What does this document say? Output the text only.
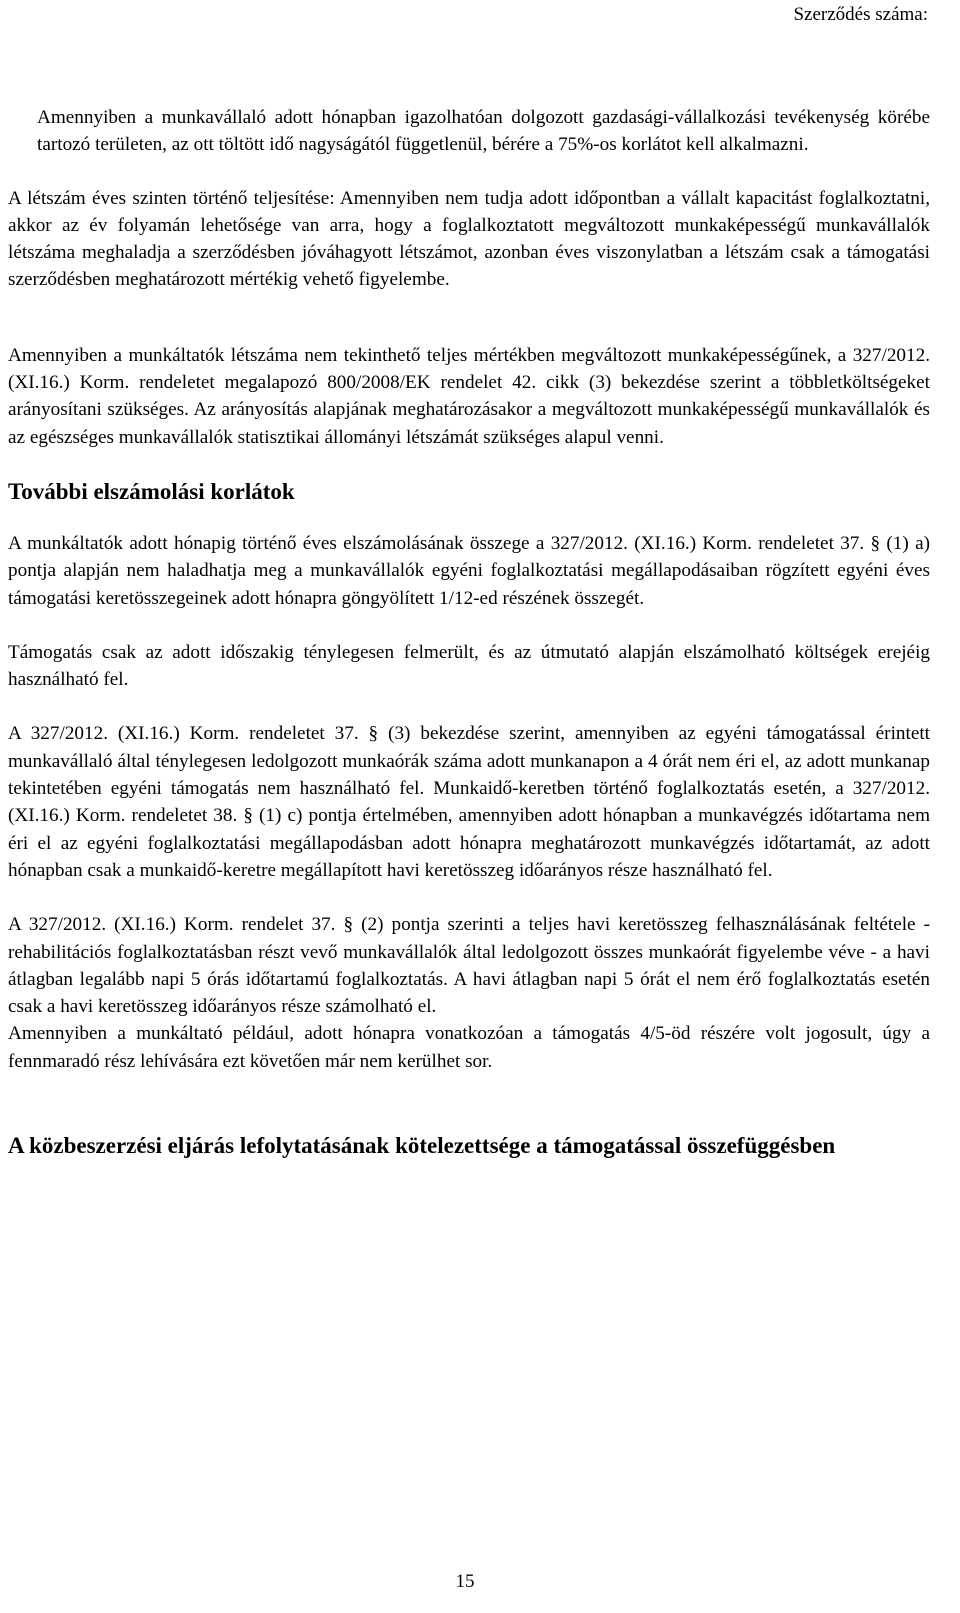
Szerződés száma:

Amennyiben a munkavállaló adott hónapban igazolhatóan dolgozott gazdasági-vállalkozási tevékenység körébe tartozó területen, az ott töltött idő nagyságától függetlenül, bérére a 75%-os korlátot kell alkalmazni.

A létszám éves szinten történő teljesítése: Amennyiben nem tudja adott időpontban a vállalt kapacitást foglalkoztatni, akkor az év folyamán lehetősége van arra, hogy a foglalkoztatott megváltozott munkaképességű munkavállalók létszáma meghaladja a szerződésben jóváhagyott létszámot, azonban éves viszonylatban a létszám csak a támogatási szerződésben meghatározott mértékig vehető figyelembe.

Amennyiben a munkáltatók létszáma nem tekinthető teljes mértékben megváltozott munkaképességűnek, a 327/2012. (XI.16.) Korm. rendeletet megalapozó 800/2008/EK rendelet 42. cikk (3) bekezdése szerint a többletköltségeket arányosítani szükséges. Az arányosítás alapjának meghatározásakor a megváltozott munkaképességű munkavállalók és az egészséges munkavállalók statisztikai állományi létszámát szükséges alapul venni.

További elszámolási korlátok

A munkáltatók adott hónapig történő éves elszámolásának összege a 327/2012. (XI.16.) Korm. rendeletet 37. § (1) a) pontja alapján nem haladhatja meg a munkavállalók egyéni foglalkoztatási megállapodásaiban rögzített egyéni éves támogatási keretösszegeinek adott hónapra göngyölített 1/12-ed részének összegét.

Támogatás csak az adott időszakig ténylegesen felmerült, és az útmutató alapján elszámolható költségek erejéig használható fel.

A 327/2012. (XI.16.) Korm. rendeletet 37. § (3) bekezdése szerint, amennyiben az egyéni támogatással érintett munkavállaló által ténylegesen ledolgozott munkaórák száma adott munkanapon a 4 órát nem éri el, az adott munkanap tekintetében egyéni támogatás nem használható fel. Munkaidő-keretben történő foglalkoztatás esetén, a 327/2012. (XI.16.) Korm. rendeletet 38. § (1) c) pontja értelmében, amennyiben adott hónapban a munkavégzés időtartama nem éri el az egyéni foglalkoztatási megállapodásban adott hónapra meghatározott munkavégzés időtartamát, az adott hónapban csak a munkaidő-keretre megállapított havi keretösszeg időarányos része használható fel.

A 327/2012. (XI.16.) Korm. rendelet 37. § (2) pontja szerinti a teljes havi keretösszeg felhasználásának feltétele - rehabilitációs foglalkoztatásban részt vevő munkavállalók által ledolgozott összes munkaórát figyelembe véve - a havi átlagban legalább napi 5 órás időtartamú foglalkoztatás. A havi átlagban napi 5 órát el nem érő foglalkoztatás esetén csak a havi keretösszeg időarányos része számolható el.

Amennyiben a munkáltató például, adott hónapra vonatkozóan a támogatás 4/5-öd részére volt jogosult, úgy a fennmaradó rész lehívására ezt követően már nem kerülhet sor.

A közbeszerzési eljárás lefolytatásának kötelezettsége a támogatással összefüggésben
15
